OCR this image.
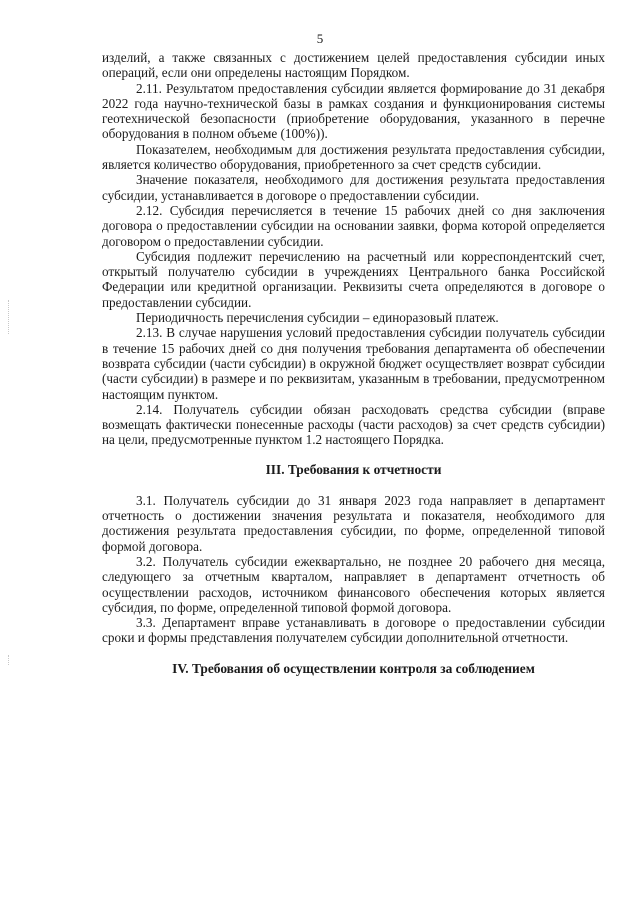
5

изделий, а также связанных с достижением целей предоставления субсидии иных операций, если они определены настоящим Порядком.

2.11. Результатом предоставления субсидии является формирование до 31 декабря 2022 года научно-технической базы в рамках создания и функционирования системы геотехнической безопасности (приобретение оборудования, указанного в перечне оборудования в полном объеме (100%)).

Показателем, необходимым для достижения результата предоставления субсидии, является количество оборудования, приобретенного за счет средств субсидии.

Значение показателя, необходимого для достижения результата предоставления субсидии, устанавливается в договоре о предоставлении субсидии.

2.12. Субсидия перечисляется в течение 15 рабочих дней со дня заключения договора о предоставлении субсидии на основании заявки, форма которой определяется договором о предоставлении субсидии.

Субсидия подлежит перечислению на расчетный или корреспондентский счет, открытый получателю субсидии в учреждениях Центрального банка Российской Федерации или кредитной организации. Реквизиты счета определяются в договоре о предоставлении субсидии.

Периодичность перечисления субсидии – единоразовый платеж.

2.13. В случае нарушения условий предоставления субсидии получатель субсидии в течение 15 рабочих дней со дня получения требования департамента об обеспечении возврата субсидии (части субсидии) в окружной бюджет осуществляет возврат субсидии (части субсидии) в размере и по реквизитам, указанным в требовании, предусмотренном настоящим пунктом.

2.14. Получатель субсидии обязан расходовать средства субсидии (вправе возмещать фактически понесенные расходы (части расходов) за счет средств субсидии) на цели, предусмотренные пунктом 1.2 настоящего Порядка.

III. Требования к отчетности

3.1. Получатель субсидии до 31 января 2023 года направляет в департамент отчетность о достижении значения результата и показателя, необходимого для достижения результата предоставления субсидии, по форме, определенной типовой формой договора.

3.2. Получатель субсидии ежеквартально, не позднее 20 рабочего дня месяца, следующего за отчетным кварталом, направляет в департамент отчетность об осуществлении расходов, источником финансового обеспечения которых является субсидия, по форме, определенной типовой формой договора.

3.3. Департамент вправе устанавливать в договоре о предоставлении субсидии сроки и формы представления получателем субсидии дополнительной отчетности.

IV. Требования об осуществлении контроля за соблюдением
